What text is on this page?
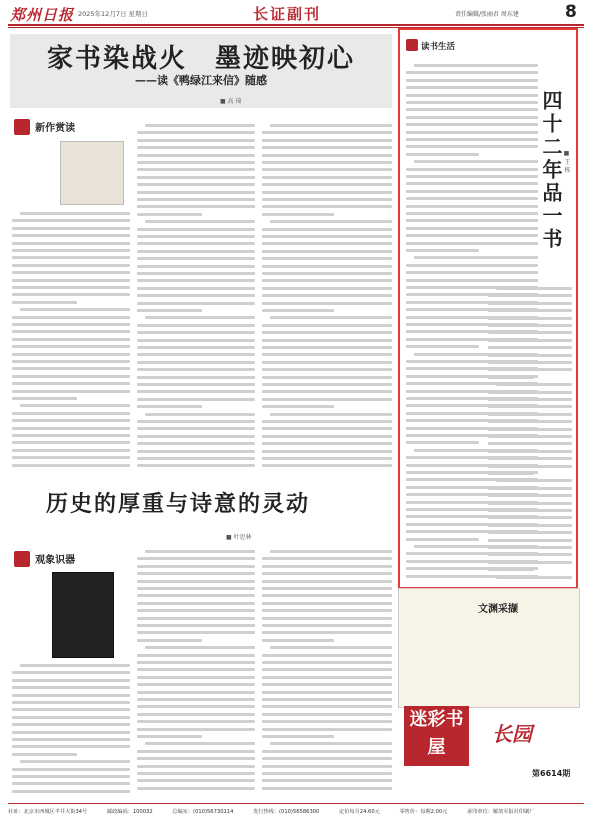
郑州日报 2025年12月7日 星期日	长证副刊	责任编辑/张丽君 周东建	8
家书染战火　墨迹映初心
——读《鸭绿江来信》随感
■ 高 琦
新作赏读
历史的厚重与诗意的灵动
■ 叶思林
观象识器
读书生活
四十二年品一书 ■ 王 栋
文渊采撷
迷彩书屋
长园
第6614期
社址：北京市西城区半井大街34号	邮政编码：100032	总编室：(010)56730114	发行热线：(010)56586300	定价每月24.60元	零售价：每期2.00元	承印单位：解放军报社印刷厂
